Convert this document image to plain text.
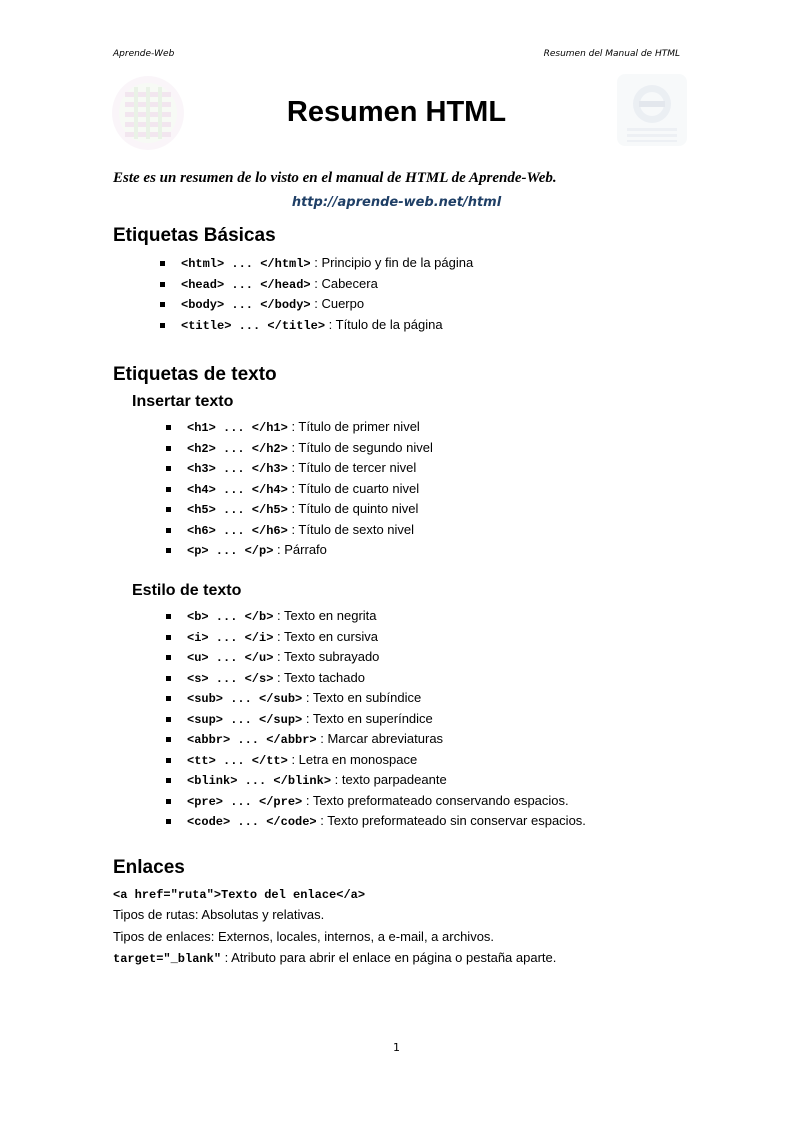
Aprende-Web	Resumen del Manual de HTML
Resumen HTML

Este es un resumen de lo visto en el manual de HTML de Aprende-Web.

http://aprende-web.net/html

Etiquetas Básicas
<html> ... </html> : Principio y fin de la página
<head> ... </head> : Cabecera
<body> ... </body> : Cuerpo
<title> ... </title> : Título de la página
Etiquetas de texto
Insertar texto
<h1> ... </h1> : Título de primer nivel
<h2> ... </h2> : Título de segundo nivel
<h3> ... </h3> : Título de tercer nivel
<h4> ... </h4> : Título de cuarto nivel
<h5> ... </h5> : Título de quinto nivel
<h6> ... </h6> : Título de sexto nivel
<p> ... </p> : Párrafo
Estilo de texto
<b> ... </b> : Texto en negrita
<i> ... </i> : Texto en cursiva
<u> ... </u> : Texto subrayado
<s> ... </s> : Texto tachado
<sub> ... </sub> : Texto en subíndice
<sup> ... </sup> : Texto en superíndice
<abbr> ... </abbr> : Marcar abreviaturas
<tt> ... </tt> : Letra en monospace
<blink> ... </blink> : texto parpadeante
<pre> ... </pre> : Texto preformateado conservando espacios.
<code> ... </code> : Texto preformateado sin conservar espacios.
Enlaces

<a href="ruta">Texto del enlace</a>

Tipos de rutas: Absolutas y relativas.

Tipos de enlaces: Externos, locales, internos, a e-mail, a archivos.

target="_blank" : Atributo para abrir el enlace en página o pestaña aparte.

1
